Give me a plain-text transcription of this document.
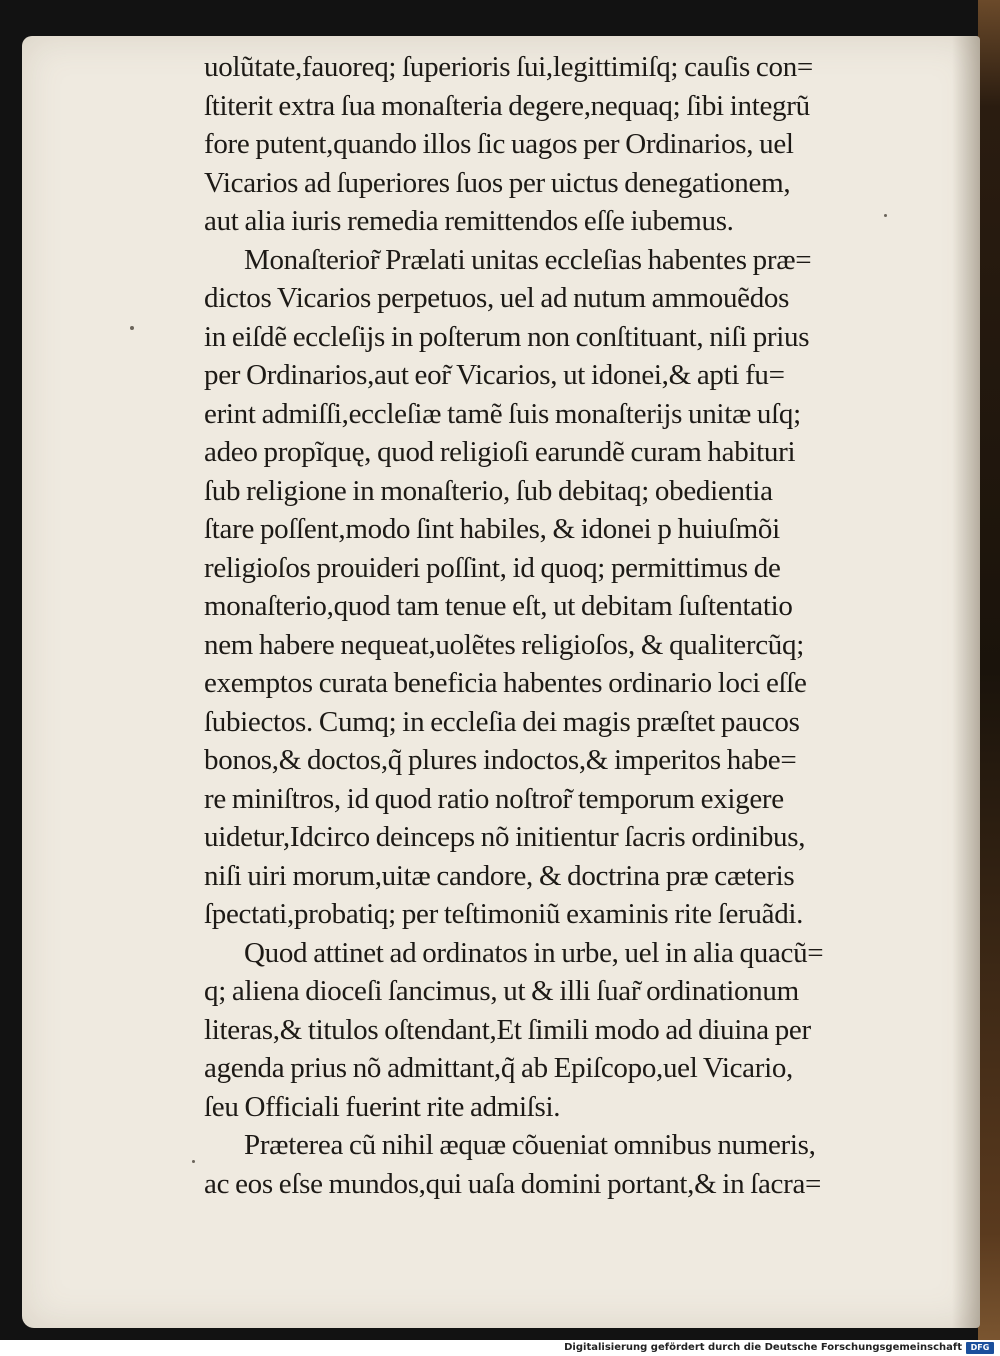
uolũtate,fauoreq; ſuperioris ſui,legittimiſq; cauſis con=
ſtiterit extra ſua monaſteria degere,nequaq; ſibi integrũ
fore putent,quando illos ſic uagos per Ordinarios, uel
Vicarios ad ſuperiores ſuos per uictus denegationem,
aut alia iuris remedia remittendos eſſe iubemus.
Monaſterior̃ Prælati unitas eccleſias habentes præ=
dictos Vicarios perpetuos, uel ad nutum ammouẽdos
in eiſdẽ eccleſijs in poſterum non conſtituant, niſi prius
per Ordinarios,aut eor̃ Vicarios, ut idonei,& apti fu=
erint admiſſi,eccleſiæ tamẽ ſuis monaſterijs unitæ uſq;
adeo propĩquę, quod religioſi earundẽ curam habituri
ſub religione in monaſterio, ſub debitaq; obedientia
ſtare poſſent,modo ſint habiles, & idonei p huiuſmõi
religioſos prouideri poſſint, id quoq; permittimus de
monaſterio,quod tam tenue eſt, ut debitam ſuſtentatio
nem habere nequeat,uolẽtes religioſos, & qualitercũq;
exemptos curata beneficia habentes ordinario loci eſſe
ſubiectos. Cumq; in eccleſia dei magis præſtet paucos
bonos,& doctos,q̃ plures indoctos,& imperitos habe=
re miniſtros, id quod ratio noſtror̃ temporum exigere
uidetur,Idcirco deinceps nõ initientur ſacris ordinibus,
niſi uiri morum,uitæ candore, & doctrina præ cæteris
ſpectati,probatiq; per teſtimoniũ examinis rite ſeruãdi.
Quod attinet ad ordinatos in urbe, uel in alia quacũ=
q; aliena dioceſi ſancimus, ut & illi ſuar̃ ordinationum
literas,& titulos oſtendant,Et ſimili modo ad diuina per
agenda prius nõ admittant,q̃ ab Epiſcopo,uel Vicario,
ſeu Officiali fuerint rite admiſsi.
Præterea cũ nihil æquæ cõueniat omnibus numeris,
ac eos eſse mundos,qui uaſa domini portant,& in ſacra=
Digitalisierung gefördert durch die Deutsche Forschungsgemeinschaft	DFG
